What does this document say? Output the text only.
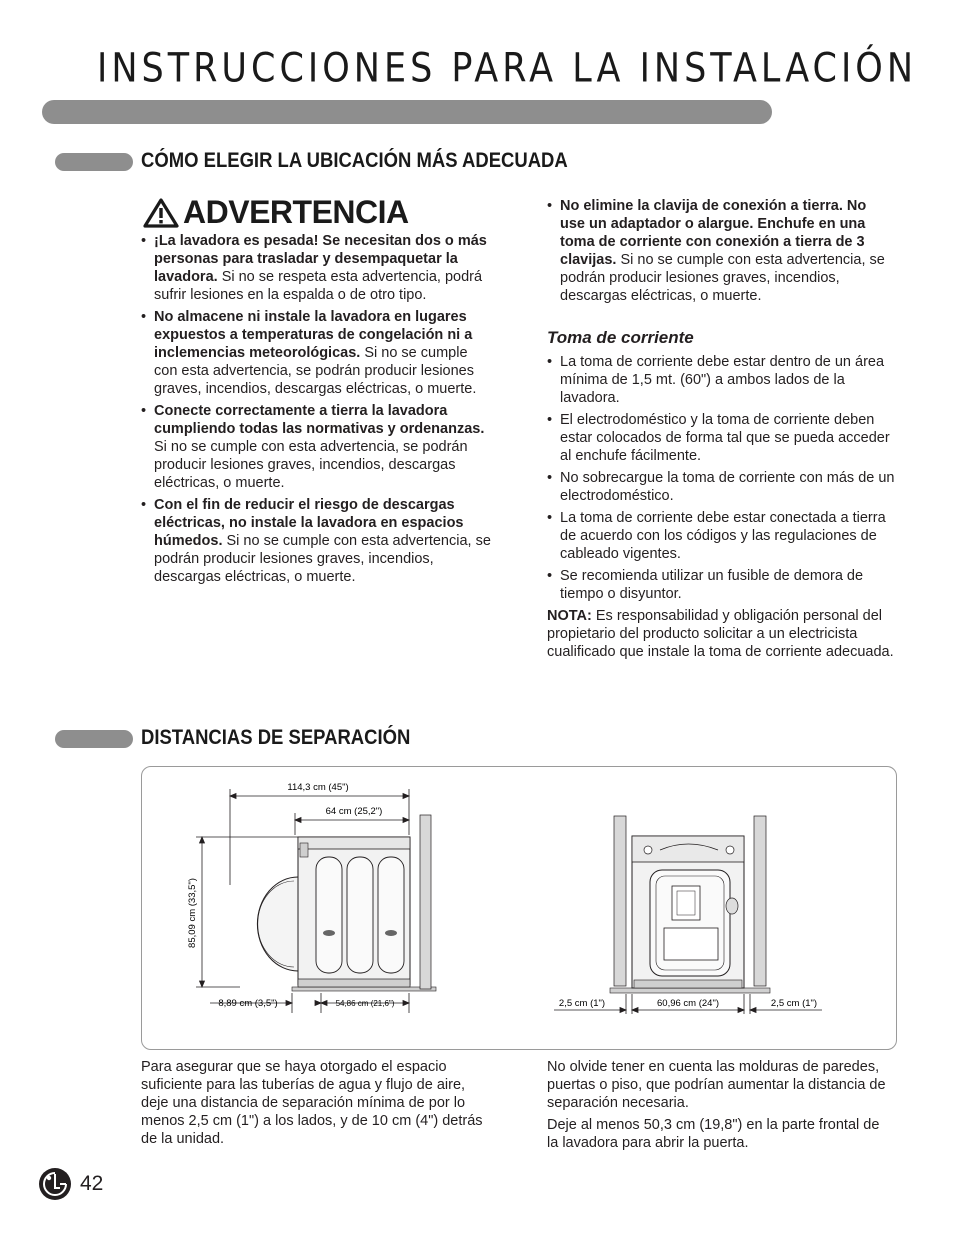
INSTRUCCIONES PARA LA INSTALACIÓN
CÓMO ELEGIR LA UBICACIÓN MÁS ADECUADA
ADVERTENCIA

• ¡La lavadora es pesada! Se necesitan dos o más personas para trasladar y desempaquetar la lavadora. Si no se respeta esta advertencia, podrá sufrir lesiones en la espalda o de otro tipo.

• No almacene ni instale la lavadora en lugares expuestos a temperaturas de congelación ni a inclemencias meteorológicas. Si no se cumple con esta advertencia, se podrán producir lesiones graves, incendios, descargas eléctricas, o muerte.

• Conecte correctamente a tierra la lavadora cumpliendo todas las normativas y ordenanzas. Si no se cumple con esta advertencia, se podrán producir lesiones graves, incendios, descargas eléctricas, o muerte.

• Con el fin de reducir el riesgo de descargas eléctricas, no instale la lavadora en espacios húmedos. Si no se cumple con esta advertencia, se podrán producir lesiones graves, incendios, descargas eléctricas, o muerte.

• No elimine la clavija de conexión a tierra. No use un adaptador o alargue. Enchufe en una toma de corriente con conexión a tierra de 3 clavijas. Si no se cumple con esta advertencia, se podrán producir lesiones graves, incendios, descargas eléctricas, o muerte.

Toma de corriente

• La toma de corriente debe estar dentro de un área mínima de 1,5 mt. (60") a ambos lados de la lavadora.

• El electrodoméstico y la toma de corriente deben estar colocados de forma tal que se pueda acceder al enchufe fácilmente.

• No sobrecargue la toma de corriente con más de un electrodoméstico.

• La toma de corriente debe estar conectada a tierra de acuerdo con los códigos y las regulaciones de cableado vigentes.

• Se recomienda utilizar un fusible de demora de tiempo o disyuntor.

NOTA: Es responsabilidad y obligación personal del propietario del producto solicitar a un electricista cualificado que instale la toma de corriente adecuada.

DISTANCIAS DE SEPARACIÓN
114,3 cm (45")
64 cm (25,2")
85,09 cm (33,5")
8,89 cm (3,5")	54,86 cm (21,6")	2,5 cm (1")	60,96 cm (24")	2,5 cm (1")

Para asegurar que se haya otorgado el espacio suficiente para las tuberías de agua y flujo de aire, deje una distancia de separación mínima de por lo menos 2,5 cm (1") a los lados, y de 10 cm (4") detrás de la unidad.

No olvide tener en cuenta las molduras de paredes, puertas o piso, que podrían aumentar la distancia de separación necesaria.

Deje al menos 50,3 cm (19,8") en la parte frontal de la lavadora para abrir la puerta.

42
